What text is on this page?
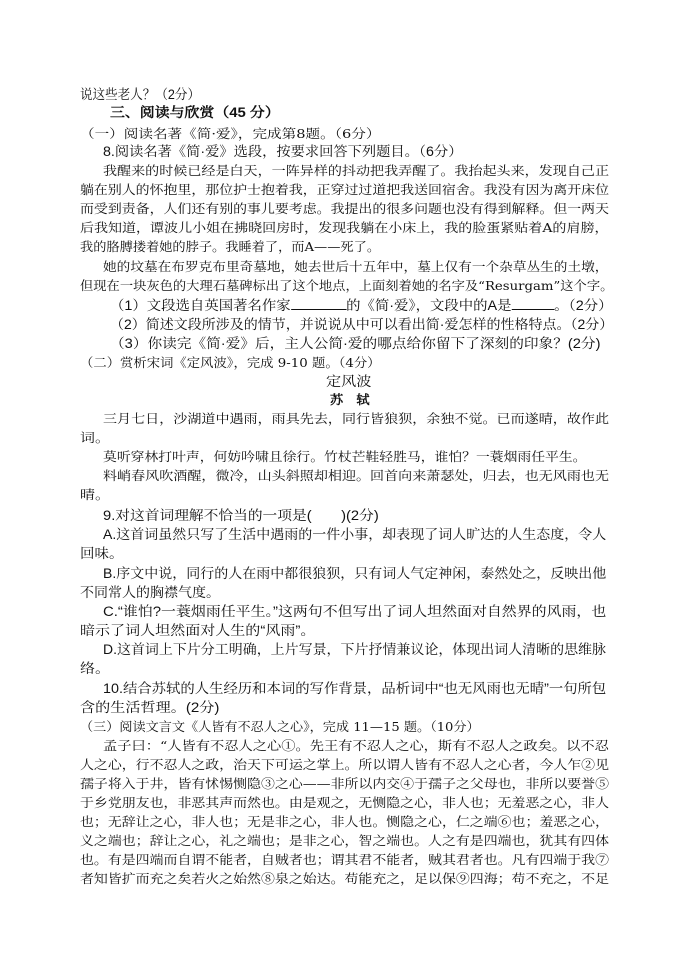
说这些老人？（2分）
三、阅读与欣赏（45 分）
（一）阅读名著《简·爱》，完成第8题。（6分）
8.阅读名著《简·爱》选段，按要求回答下列题目。（6分）
我醒来的时候已经是白天，一阵异样的抖动把我弄醒了。我抬起头来，发现自己正
躺在别人的怀抱里，那位护士抱着我，正穿过过道把我送回宿舍。我没有因为离开床位
而受到责备，人们还有别的事儿要考虑。我提出的很多问题也没有得到解释。但一两天
后我知道，谭波儿小姐在拂晓回房时，发现我躺在小床上，我的脸蛋紧贴着A的肩膀，
我的胳膊搂着她的脖子。我睡着了，而A——死了。
她的坟墓在布罗克布里奇墓地，她去世后十五年中，墓上仅有一个杂草丛生的土墩，
但现在一块灰色的大理石墓碑标出了这个地点，上面刻着她的名字及“Resurgam”这个字。
（1）文段选自英国著名作家	的《简·爱》，文段中的A是	。（2分）
（2）简述文段所涉及的情节，并说说从中可以看出简·爱怎样的性格特点。（2分）
（3）你读完《简·爱》后，主人公简·爱的哪点给你留下了深刻的印象？(2分)
（二）赏析宋词《定风波》，完成 9-10 题。（4分）
定风波
苏　轼
三月七日，沙湖道中遇雨，雨具先去，同行皆狼狈，余独不觉。已而遂晴，故作此
词。
莫听穿林打叶声，何妨吟啸且徐行。竹杖芒鞋轻胜马，谁怕？一蓑烟雨任平生。
料峭春风吹酒醒，微冷，山头斜照却相迎。回首向来萧瑟处，归去，也无风雨也无
晴。
9.对这首词理解不恰当的一项是(　　)(2分)
A.这首词虽然只写了生活中遇雨的一件小事，却表现了词人旷达的人生态度，令人
回味。
B.序文中说，同行的人在雨中都很狼狈，只有词人气定神闲，泰然处之，反映出他
不同常人的胸襟气度。
C.“谁怕?一蓑烟雨任平生。”这两句不但写出了词人坦然面对自然界的风雨，也
暗示了词人坦然面对人生的“风雨”。
D.这首词上下片分工明确，上片写景，下片抒情兼议论，体现出词人清晰的思维脉
络。
10.结合苏轼的人生经历和本词的写作背景，品析词中“也无风雨也无晴”一句所包
含的生活哲理。(2分)
（三）阅读文言文《人皆有不忍人之心》，完成 11—15 题。（10分）
孟子曰：“人皆有不忍人之心①。先王有不忍人之心，斯有不忍人之政矣。以不忍
人之心，行不忍人之政，治天下可运之掌上。所以谓人皆有不忍人之心者，今人乍②见
孺子将入于井，皆有怵惕恻隐③之心——非所以内交④于孺子之父母也，非所以要誉⑤
于乡党朋友也，非恶其声而然也。由是观之，无恻隐之心，非人也；无羞恶之心，非人
也；无辞让之心，非人也；无是非之心，非人也。恻隐之心，仁之端⑥也；羞恶之心，
义之端也；辞让之心，礼之端也；是非之心，智之端也。人之有是四端也，犹其有四体
也。有是四端而自谓不能者，自贼者也；谓其君不能者，贼其君者也。凡有四端于我⑦
者知皆扩而充之矣若火之始然⑧泉之始达。苟能充之，足以保⑨四海；苟不充之，不足
